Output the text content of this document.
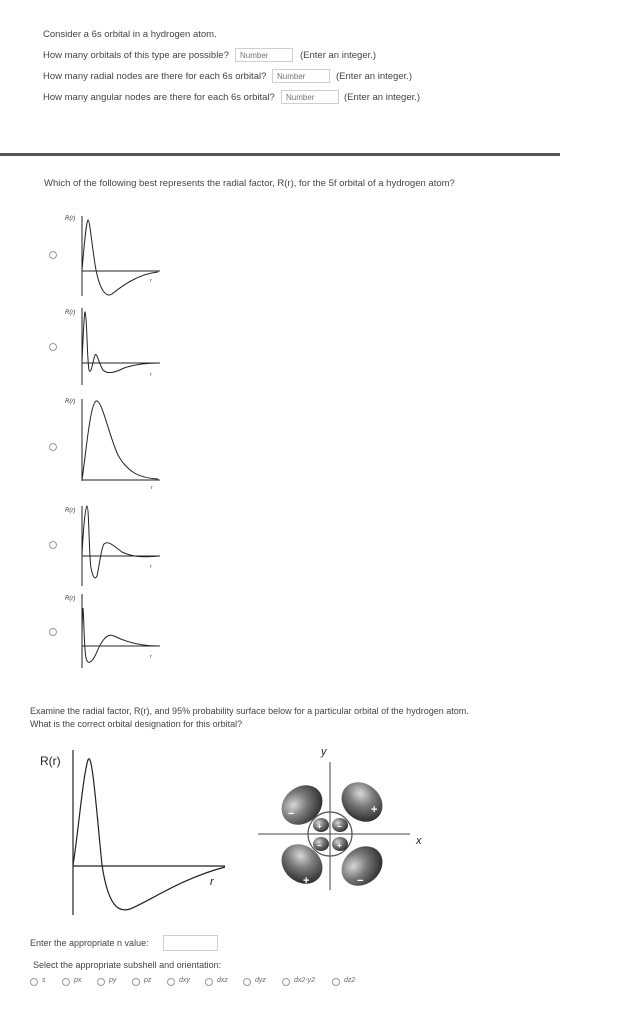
Consider a 6s orbital in a hydrogen atom.
How many orbitals of this type are possible?
Number	(Enter an integer.)
How many radial nodes are there for each 6s orbital?
Number	(Enter an integer.)
How many angular nodes are there for each 6s orbital?
Number	(Enter an integer.)
Which of the following best represents the radial factor, R(r), for the 5f orbital of a hydrogen atom?
R(r)
r
R(r)
r
R(r)
r
R(r)
r
R(r)
r
Examine the radial factor, R(r), and 95% probability surface below for a particular orbital of the hydrogen atom.
What is the correct orbital designation for this orbital?
R(r)
r
y
x
−	+
+	−
+ −
− +
Enter the appropriate n value:
Select the appropriate subshell and orientation:
s	px	py	pz	dxy	dxz	dyz	dx2-y2	dz2
